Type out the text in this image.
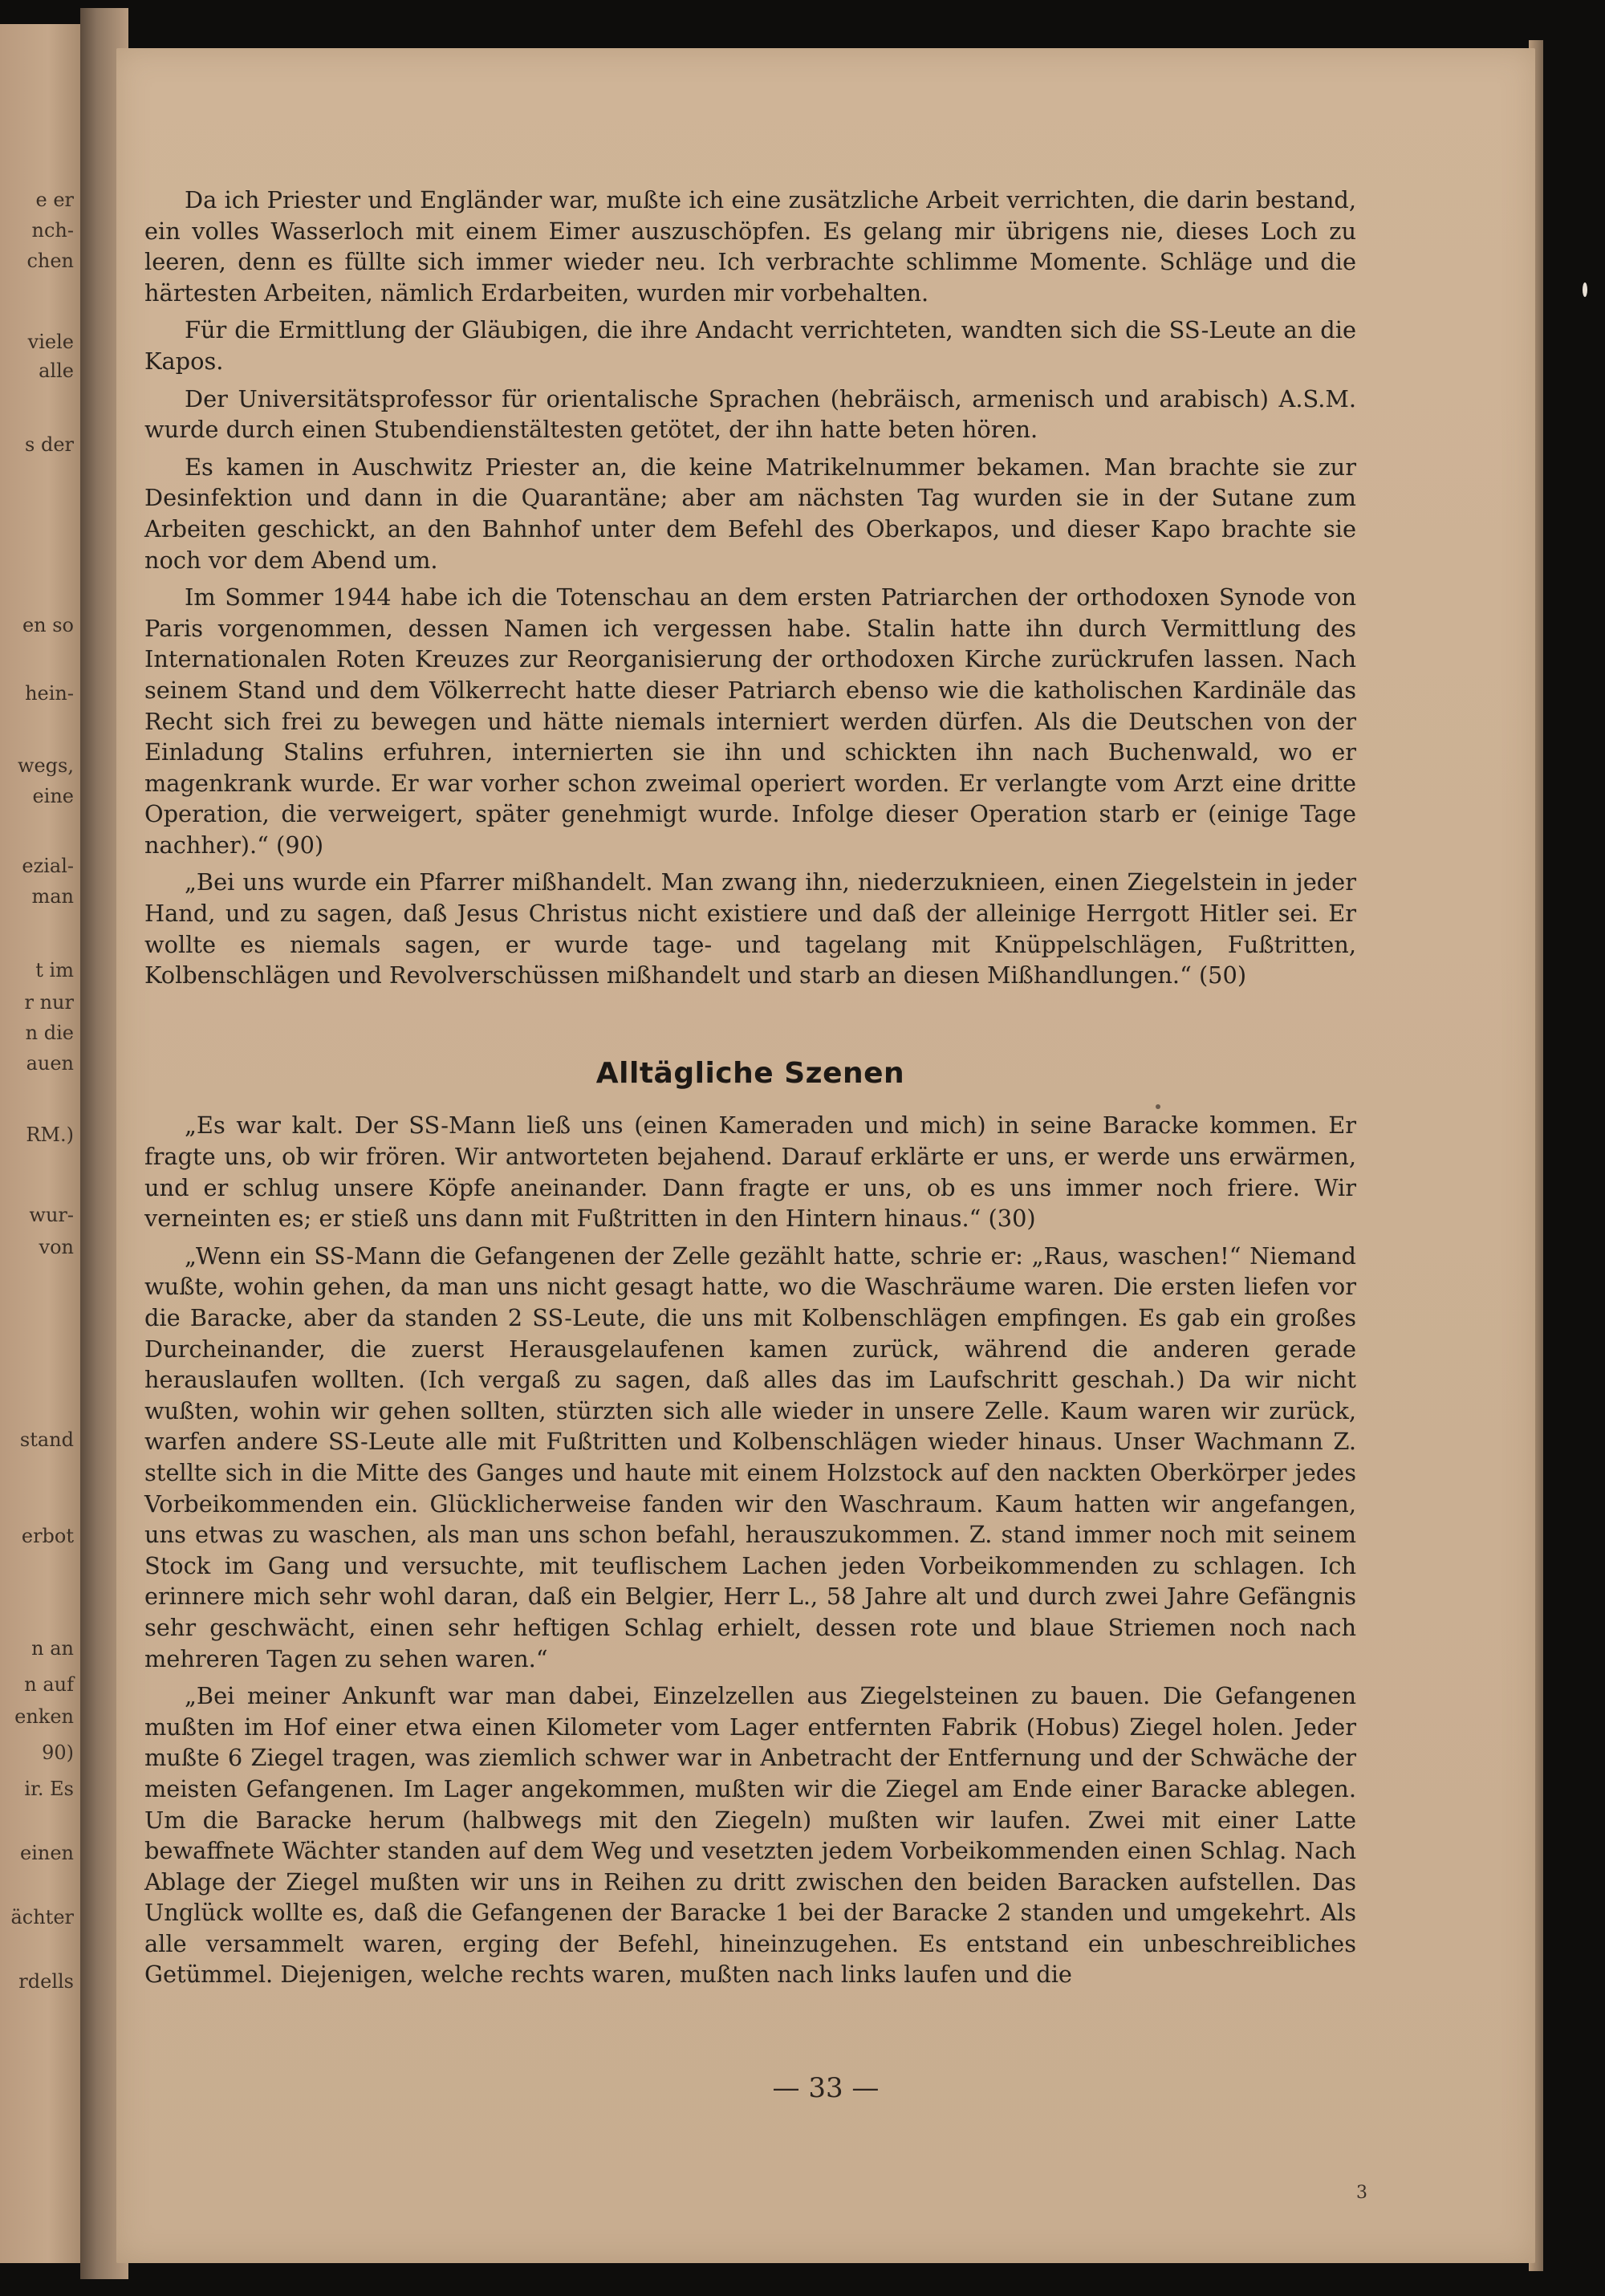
e er
nch-
chen
viele
alle
s der
en so
hein-
wegs,
eine
ezial-
man
t im
r nur
n die
auen
RM.)
wur-
von
stand
erbot
n an
n auf
enken
90)
ir. Es
einen
ächter
rdells

Da ich Priester und Engländer war, mußte ich eine zusätzliche Arbeit verrichten, die darin bestand, ein volles Wasserloch mit einem Eimer auszuschöpfen. Es gelang mir übrigens nie, dieses Loch zu leeren, denn es füllte sich immer wieder neu. Ich verbrachte schlimme Momente. Schläge und die härtesten Arbeiten, nämlich Erdarbeiten, wurden mir vorbehalten.

Für die Ermittlung der Gläubigen, die ihre Andacht verrichteten, wandten sich die SS-Leute an die Kapos.

Der Universitätsprofessor für orientalische Sprachen (hebräisch, armenisch und arabisch) A.S.M. wurde durch einen Stubendienstältesten getötet, der ihn hatte beten hören.

Es kamen in Auschwitz Priester an, die keine Matrikelnummer bekamen. Man brachte sie zur Desinfektion und dann in die Quarantäne; aber am nächsten Tag wurden sie in der Sutane zum Arbeiten geschickt, an den Bahnhof unter dem Befehl des Oberkapos, und dieser Kapo brachte sie noch vor dem Abend um.

Im Sommer 1944 habe ich die Totenschau an dem ersten Patriarchen der orthodoxen Synode von Paris vorgenommen, dessen Namen ich vergessen habe. Stalin hatte ihn durch Vermittlung des Internationalen Roten Kreuzes zur Reorganisierung der orthodoxen Kirche zurückrufen lassen. Nach seinem Stand und dem Völkerrecht hatte dieser Patriarch ebenso wie die katholischen Kardinäle das Recht sich frei zu bewegen und hätte niemals interniert werden dürfen. Als die Deutschen von der Einladung Stalins erfuhren, internierten sie ihn und schickten ihn nach Buchenwald, wo er magenkrank wurde. Er war vorher schon zweimal operiert worden. Er verlangte vom Arzt eine dritte Operation, die verweigert, später genehmigt wurde. Infolge dieser Operation starb er (einige Tage nachher).“ (90)

„Bei uns wurde ein Pfarrer mißhandelt. Man zwang ihn, niederzuknieen, einen Ziegelstein in jeder Hand, und zu sagen, daß Jesus Christus nicht existiere und daß der alleinige Herrgott Hitler sei. Er wollte es niemals sagen, er wurde tage- und tagelang mit Knüppelschlägen, Fußtritten, Kolbenschlägen und Revolverschüssen mißhandelt und starb an diesen Mißhandlungen.“ (50)

Alltägliche Szenen

„Es war kalt. Der SS-Mann ließ uns (einen Kameraden und mich) in seine Baracke kommen. Er fragte uns, ob wir frören. Wir antworteten bejahend. Darauf erklärte er uns, er werde uns erwärmen, und er schlug unsere Köpfe aneinander. Dann fragte er uns, ob es uns immer noch friere. Wir verneinten es; er stieß uns dann mit Fußtritten in den Hintern hinaus.“ (30)

„Wenn ein SS-Mann die Gefangenen der Zelle gezählt hatte, schrie er: „Raus, waschen!“ Niemand wußte, wohin gehen, da man uns nicht gesagt hatte, wo die Waschräume waren. Die ersten liefen vor die Baracke, aber da standen 2 SS-Leute, die uns mit Kolbenschlägen empfingen. Es gab ein großes Durcheinander, die zuerst Herausgelaufenen kamen zurück, während die anderen gerade herauslaufen wollten. (Ich vergaß zu sagen, daß alles das im Laufschritt geschah.) Da wir nicht wußten, wohin wir gehen sollten, stürzten sich alle wieder in unsere Zelle. Kaum waren wir zurück, warfen andere SS-Leute alle mit Fußtritten und Kolbenschlägen wieder hinaus. Unser Wachmann Z. stellte sich in die Mitte des Ganges und haute mit einem Holzstock auf den nackten Oberkörper jedes Vorbeikommenden ein. Glücklicherweise fanden wir den Waschraum. Kaum hatten wir angefangen, uns etwas zu waschen, als man uns schon befahl, herauszukommen. Z. stand immer noch mit seinem Stock im Gang und versuchte, mit teuflischem Lachen jeden Vorbeikommenden zu schlagen. Ich erinnere mich sehr wohl daran, daß ein Belgier, Herr L., 58 Jahre alt und durch zwei Jahre Gefängnis sehr geschwächt, einen sehr heftigen Schlag erhielt, dessen rote und blaue Striemen noch nach mehreren Tagen zu sehen waren.“

„Bei meiner Ankunft war man dabei, Einzelzellen aus Ziegelsteinen zu bauen. Die Gefangenen mußten im Hof einer etwa einen Kilometer vom Lager entfernten Fabrik (Hobus) Ziegel holen. Jeder mußte 6 Ziegel tragen, was ziemlich schwer war in Anbetracht der Entfernung und der Schwäche der meisten Gefangenen. Im Lager angekommen, mußten wir die Ziegel am Ende einer Baracke ablegen. Um die Baracke herum (halbwegs mit den Ziegeln) mußten wir laufen. Zwei mit einer Latte bewaffnete Wächter standen auf dem Weg und vesetzten jedem Vorbeikommenden einen Schlag. Nach Ablage der Ziegel mußten wir uns in Reihen zu dritt zwischen den beiden Baracken aufstellen. Das Unglück wollte es, daß die Gefangenen der Baracke 1 bei der Baracke 2 standen und umgekehrt. Als alle versammelt waren, erging der Befehl, hineinzugehen. Es entstand ein unbeschreibliches Getümmel. Diejenigen, welche rechts waren, mußten nach links laufen und die

— 33 —
3
